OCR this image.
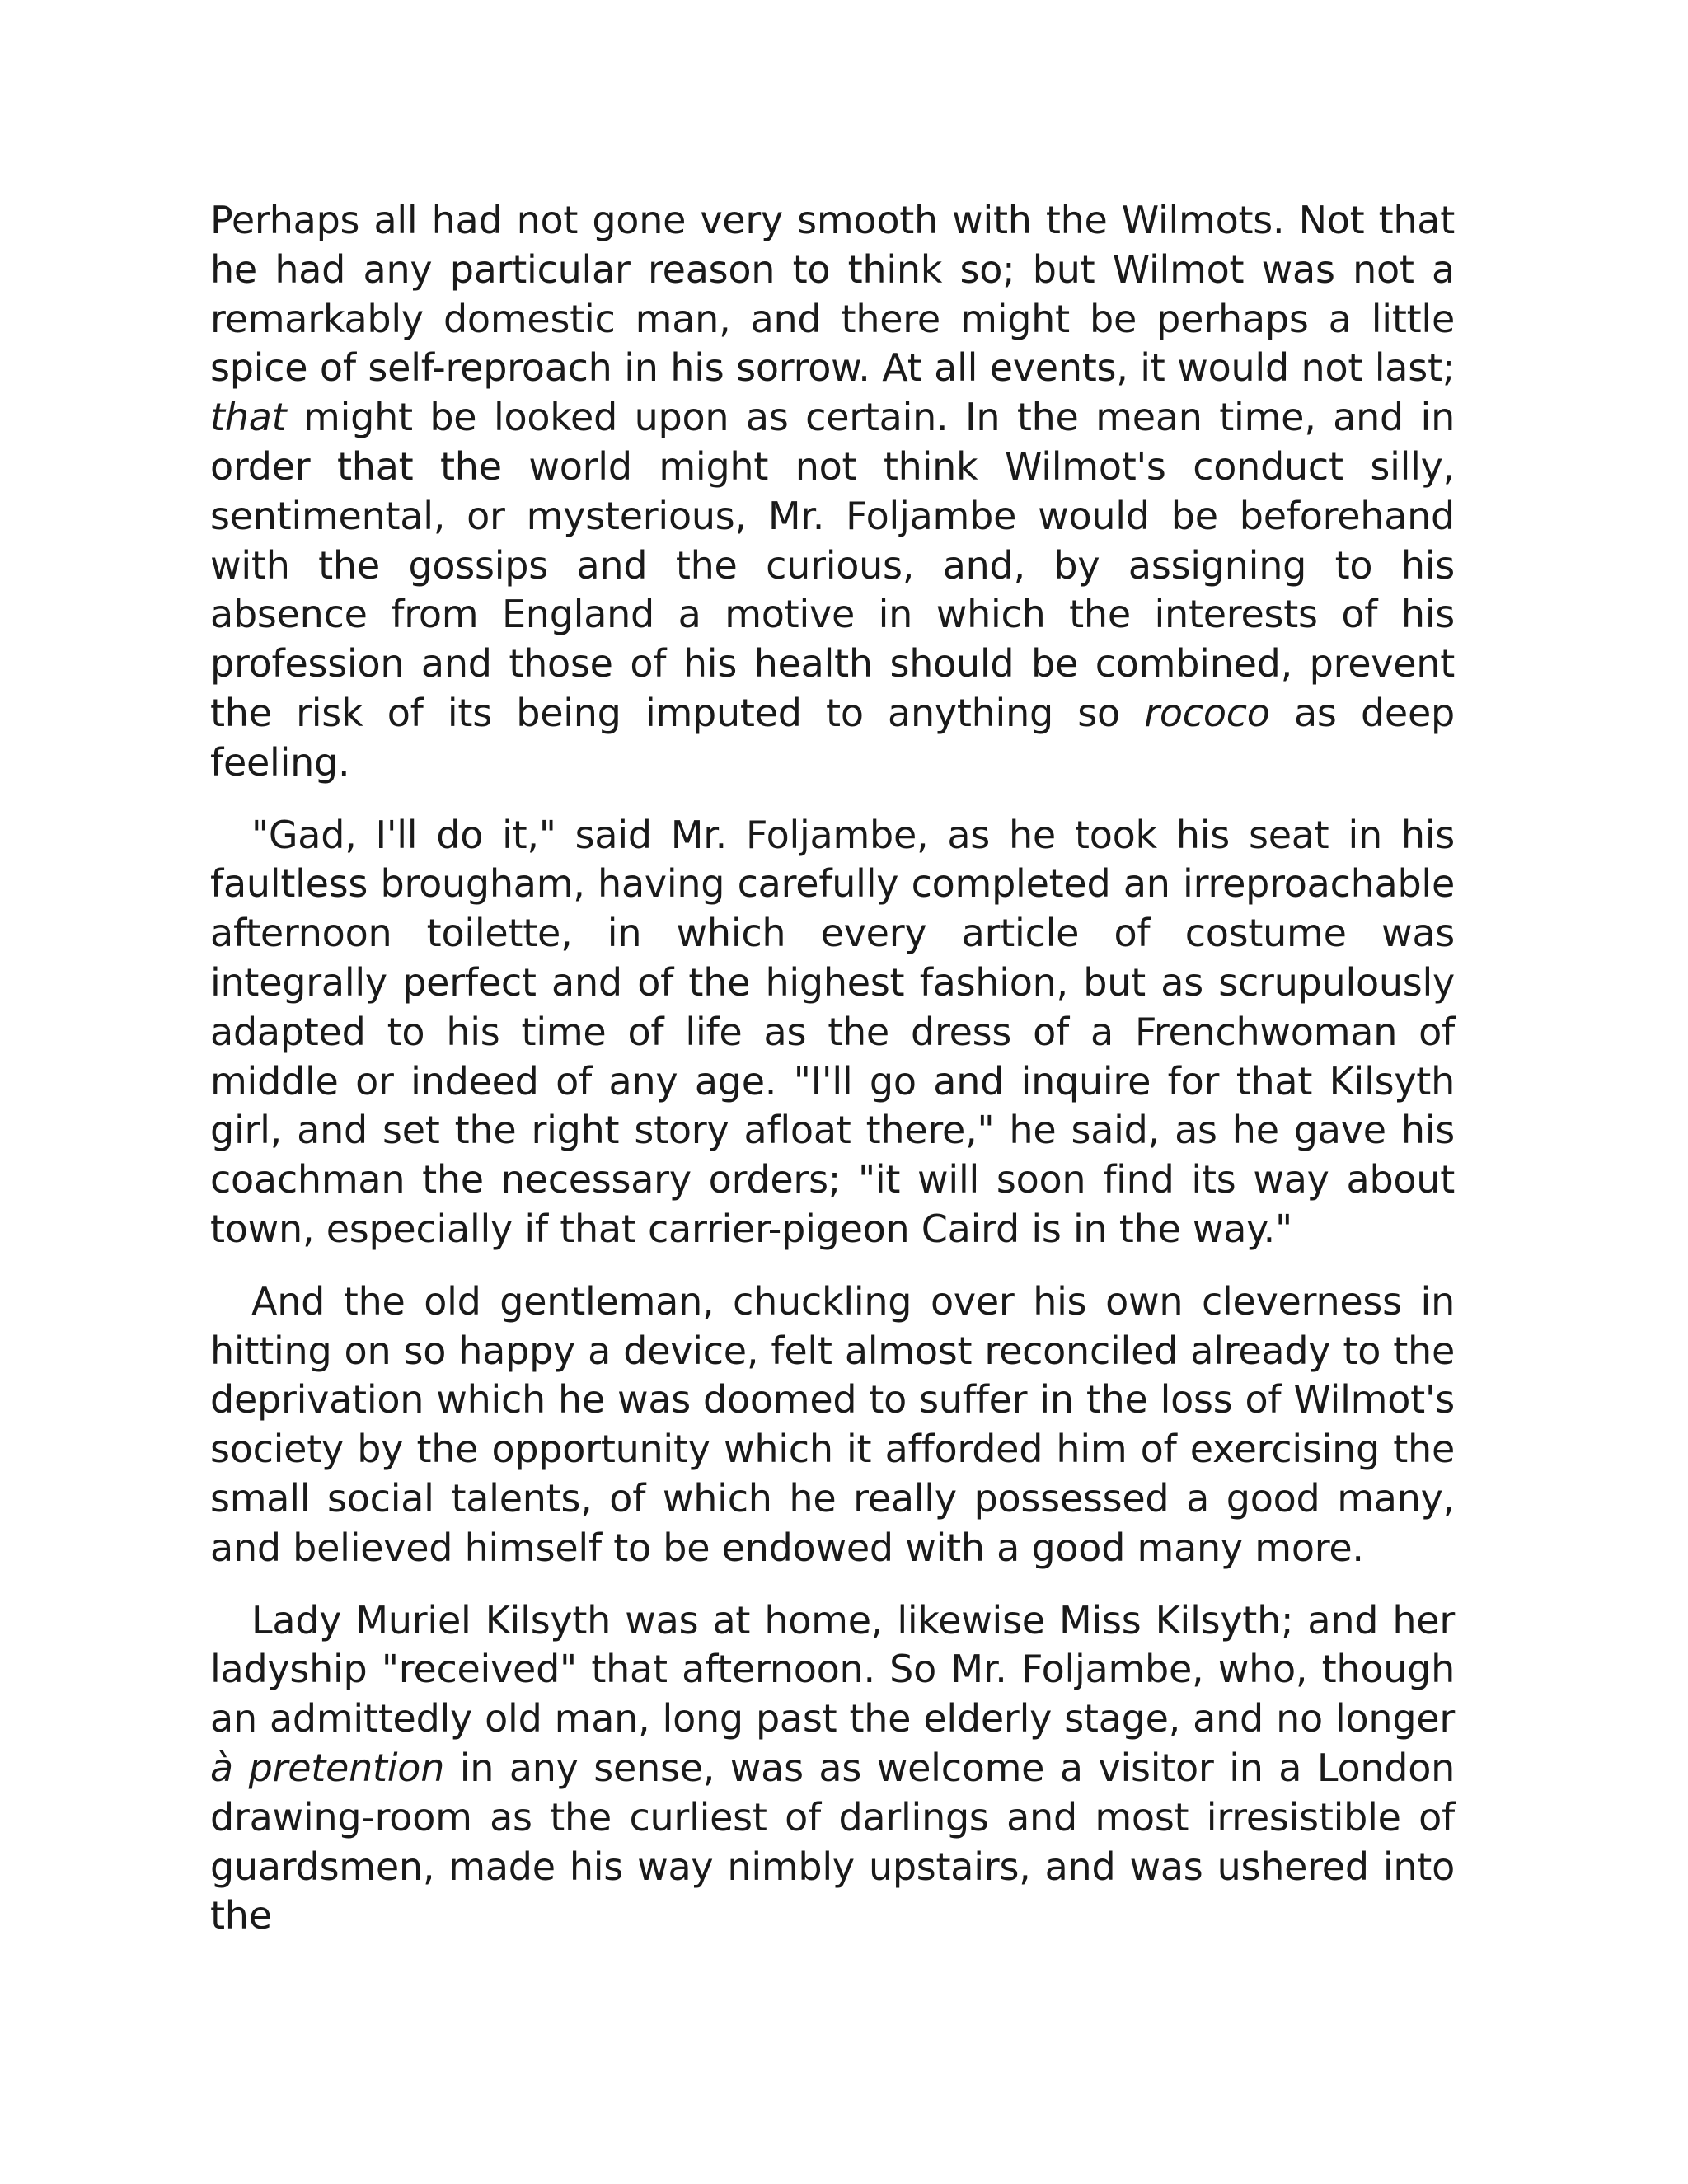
Perhaps all had not gone very smooth with the Wilmots. Not that he had any particular reason to think so; but Wilmot was not a remarkably domestic man, and there might be perhaps a little spice of self-reproach in his sorrow. At all events, it would not last; that might be looked upon as certain. In the mean time, and in order that the world might not think Wilmot's conduct silly, sentimental, or mysterious, Mr. Foljambe would be beforehand with the gossips and the curious, and, by assigning to his absence from England a motive in which the interests of his profession and those of his health should be combined, prevent the risk of its being imputed to anything so rococo as deep feeling.

"Gad, I'll do it," said Mr. Foljambe, as he took his seat in his faultless brougham, having carefully completed an irreproachable afternoon toilette, in which every article of costume was integrally perfect and of the highest fashion, but as scrupulously adapted to his time of life as the dress of a Frenchwoman of middle or indeed of any age. "I'll go and inquire for that Kilsyth girl, and set the right story afloat there," he said, as he gave his coachman the necessary orders; "it will soon find its way about town, especially if that carrier-pigeon Caird is in the way."

And the old gentleman, chuckling over his own cleverness in hitting on so happy a device, felt almost reconciled already to the deprivation which he was doomed to suffer in the loss of Wilmot's society by the opportunity which it afforded him of exercising the small social talents, of which he really possessed a good many, and believed himself to be endowed with a good many more.

Lady Muriel Kilsyth was at home, likewise Miss Kilsyth; and her ladyship "received" that afternoon. So Mr. Foljambe, who, though an admittedly old man, long past the elderly stage, and no longer à pretention in any sense, was as welcome a visitor in a London drawing-room as the curliest of darlings and most irresistible of guardsmen, made his way nimbly upstairs, and was ushered into the
